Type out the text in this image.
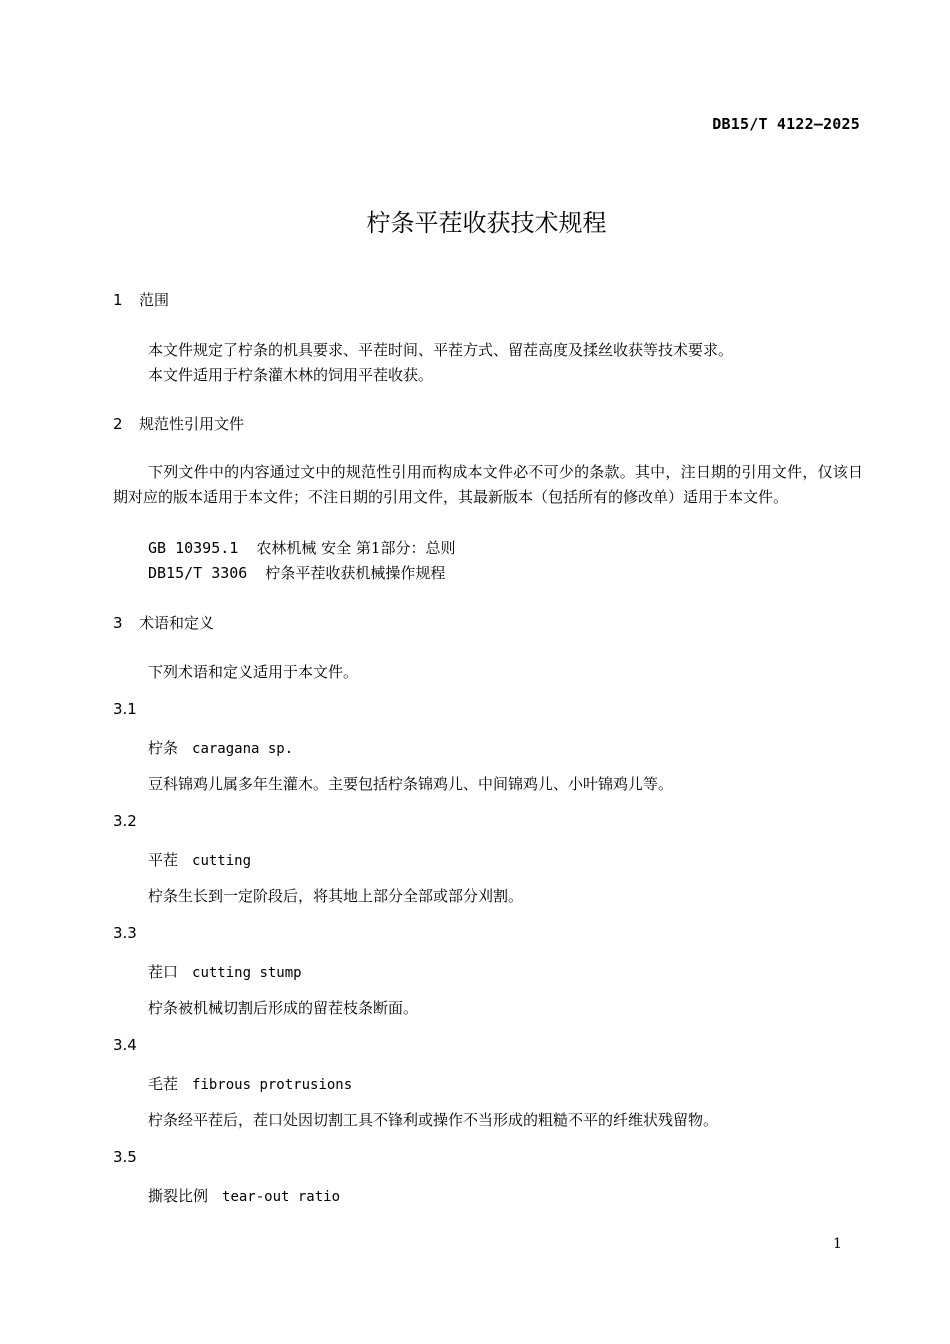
DB15/T 4122—2025
柠条平茬收获技术规程
1 范围
本文件规定了柠条的机具要求、平茬时间、平茬方式、留茬高度及揉丝收获等技术要求。
本文件适用于柠条灌木林的饲用平茬收获。
2 规范性引用文件
下列文件中的内容通过文中的规范性引用而构成本文件必不可少的条款。其中，注日期的引用文件，仅该日期对应的版本适用于本文件；不注日期的引用文件，其最新版本（包括所有的修改单）适用于本文件。
GB 10395.1 农林机械 安全 第1部分：总则
DB15/T 3306 柠条平茬收获机械操作规程
3 术语和定义
下列术语和定义适用于本文件。
3.1
柠条 caragana sp.
豆科锦鸡儿属多年生灌木。主要包括柠条锦鸡儿、中间锦鸡儿、小叶锦鸡儿等。
3.2
平茬 cutting
柠条生长到一定阶段后，将其地上部分全部或部分刈割。
3.3
茬口 cutting stump
柠条被机械切割后形成的留茬枝条断面。
3.4
毛茬 fibrous protrusions
柠条经平茬后，茬口处因切割工具不锋利或操作不当形成的粗糙不平的纤维状残留物。
3.5
撕裂比例 tear-out ratio
1
